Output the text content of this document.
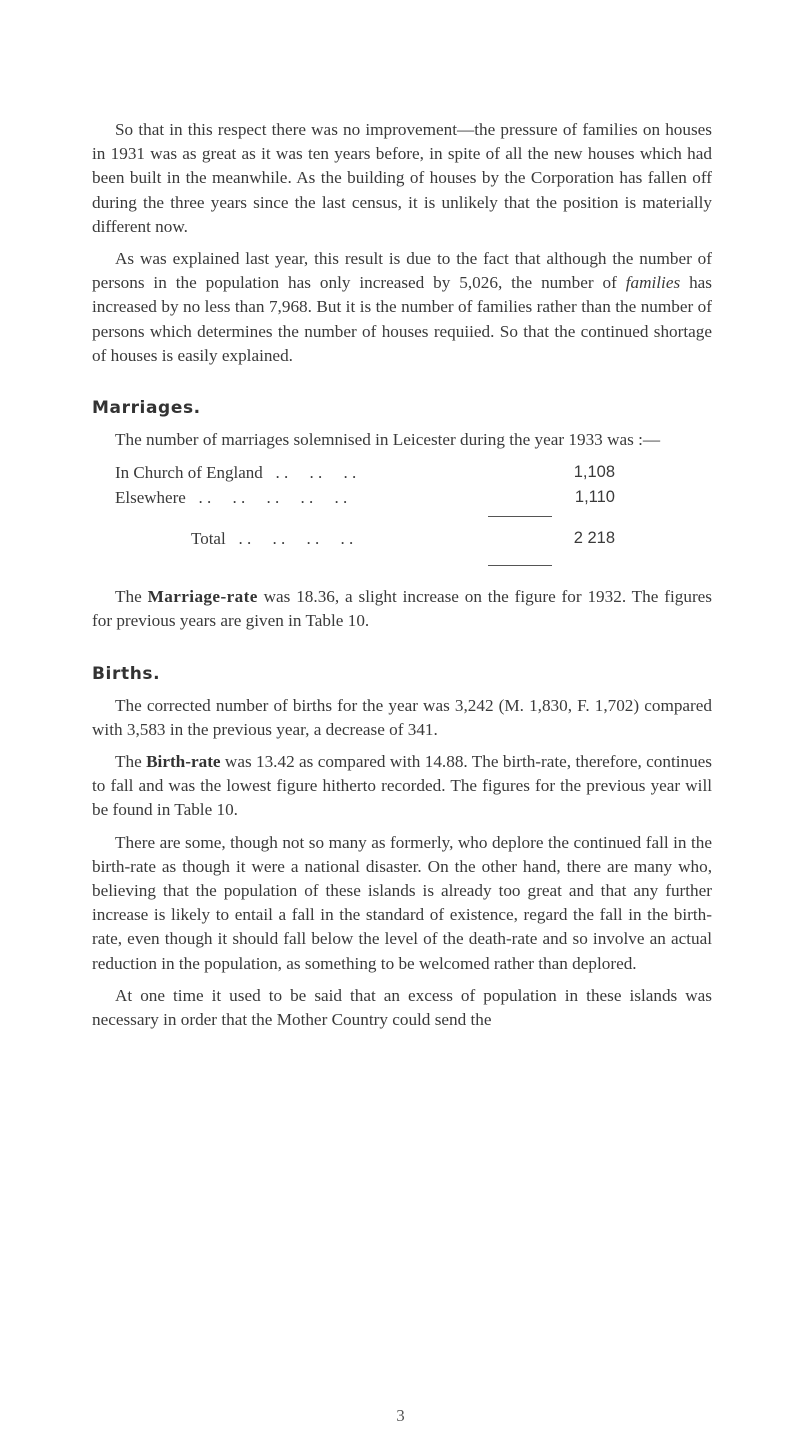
So that in this respect there was no improvement—the pressure of families on houses in 1931 was as great as it was ten years before, in spite of all the new houses which had been built in the meanwhile. As the building of houses by the Corporation has fallen off during the three years since the last census, it is unlikely that the position is materially different now.

As was explained last year, this result is due to the fact that although the number of persons in the population has only increased by 5,026, the number of families has increased by no less than 7,968. But it is the number of families rather than the number of persons which determines the number of houses requiied. So that the continued shortage of houses is easily explained.

Marriages.

The number of marriages solemnised in Leicester during the year 1933 was :—

In Church of England   . .     . .     . .	1,108
Elsewhere   . .     . .     . .     . .     . .	1,110
Total   . .     . .     . .     . .	2 218

The Marriage-rate was 18.36, a slight increase on the figure for 1932. The figures for previous years are given in Table 10.

Births.

The corrected number of births for the year was 3,242 (M. 1,830, F. 1,702) compared with 3,583 in the previous year, a decrease of 341.

The Birth-rate was 13.42 as compared with 14.88. The birth-rate, therefore, continues to fall and was the lowest figure hitherto recorded. The figures for the previous year will be found in Table 10.

There are some, though not so many as formerly, who deplore the continued fall in the birth-rate as though it were a national disaster. On the other hand, there are many who, believing that the population of these islands is already too great and that any further increase is likely to entail a fall in the standard of existence, regard the fall in the birth-rate, even though it should fall below the level of the death-rate and so involve an actual reduction in the population, as something to be welcomed rather than deplored.

At one time it used to be said that an excess of population in these islands was necessary in order that the Mother Country could send the

3
